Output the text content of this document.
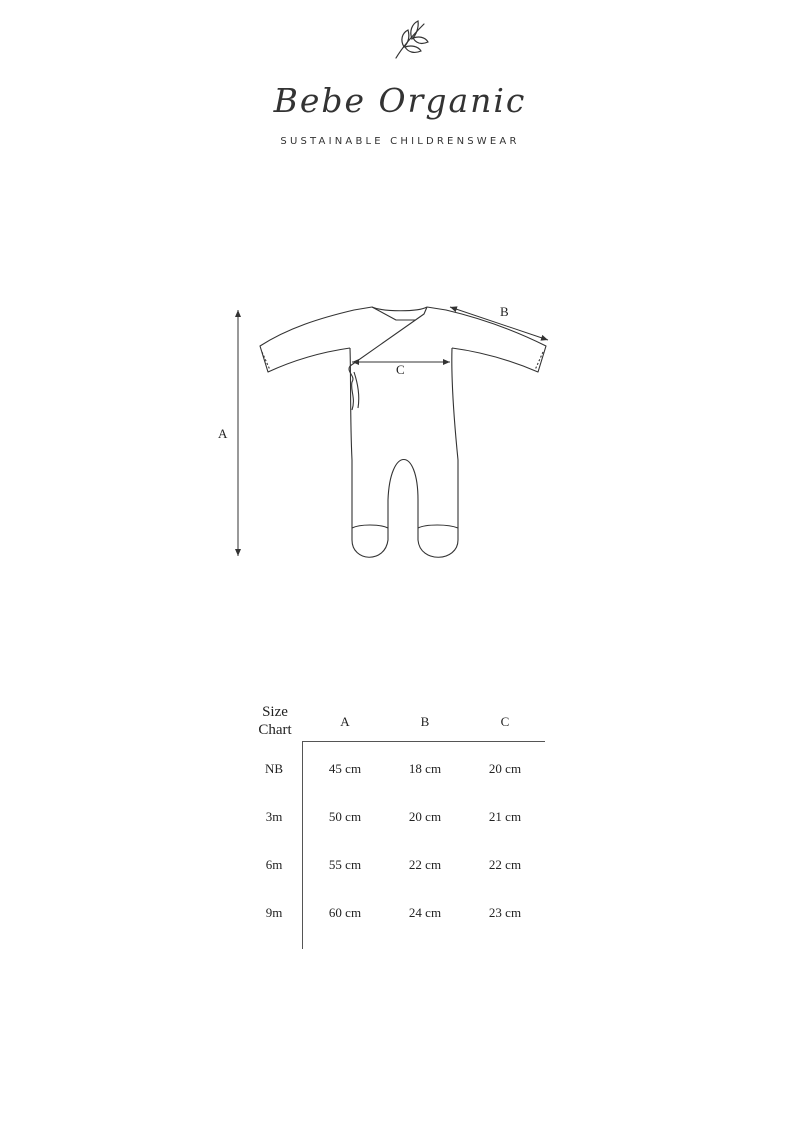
Bebe Organic
SUSTAINABLE CHILDRENSWEAR
A
B
C
Size
Chart
A	B	C
NB	45 cm	18 cm	20 cm
3m	50 cm	20 cm	21 cm
6m	55 cm	22 cm	22 cm
9m	60 cm	24 cm	23 cm
